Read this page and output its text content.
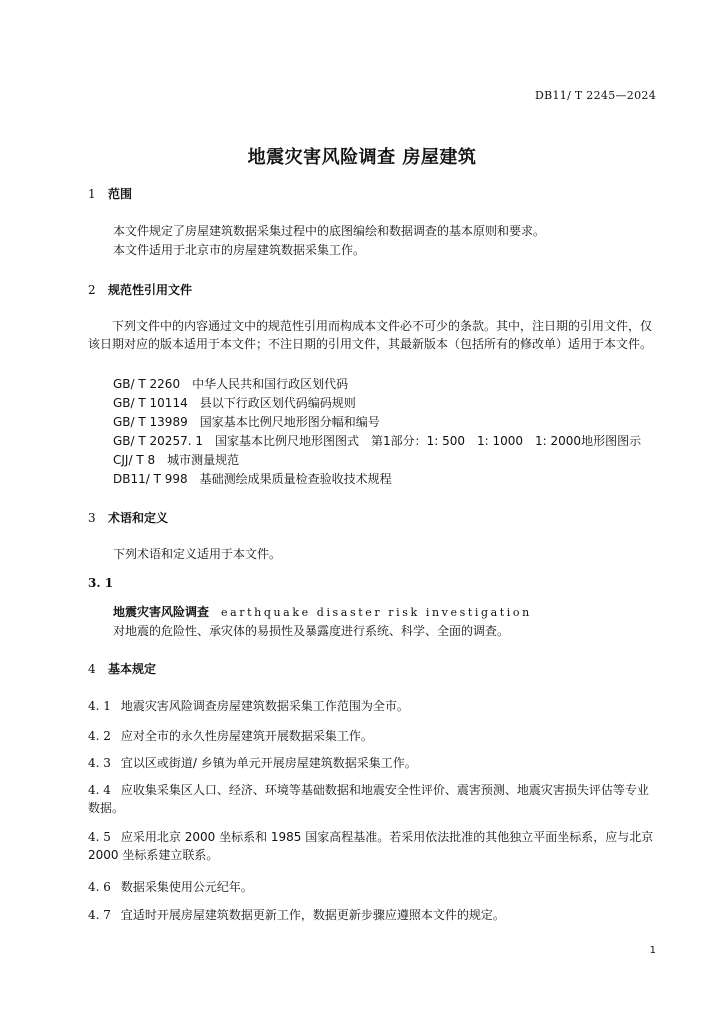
DB11/ T 2245—2024
地震灾害风险调查 房屋建筑
1 范围
本文件规定了房屋建筑数据采集过程中的底图编绘和数据调查的基本原则和要求。
本文件适用于北京市的房屋建筑数据采集工作。
2 规范性引用文件
下列文件中的内容通过文中的规范性引用而构成本文件必不可少的条款。其中，注日期的引用文件，仅该日期对应的版本适用于本文件；不注日期的引用文件，其最新版本（包括所有的修改单）适用于本文件。
GB/ T 2260　中华人民共和国行政区划代码
GB/ T 10114　县以下行政区划代码编码规则
GB/ T 13989　国家基本比例尺地形图分幅和编号
GB/ T 20257. 1　国家基本比例尺地形图图式　第1部分：1: 500　1: 1000　1: 2000地形图图示
CJJ/ T 8　城市测量规范
DB11/ T 998　基础测绘成果质量检查验收技术规程
3 术语和定义
下列术语和定义适用于本文件。
3. 1
地震灾害风险调查 earthquake disaster risk investigation
对地震的危险性、承灾体的易损性及暴露度进行系统、科学、全面的调查。
4 基本规定
4. 1 地震灾害风险调查房屋建筑数据采集工作范围为全市。
4. 2 应对全市的永久性房屋建筑开展数据采集工作。
4. 3 宜以区或街道/ 乡镇为单元开展房屋建筑数据采集工作。
4. 4 应收集采集区人口、经济、环境等基础数据和地震安全性评价、震害预测、地震灾害损失评估等专业数据。
4. 5 应采用北京 2000 坐标系和 1985 国家高程基准。若采用依法批准的其他独立平面坐标系，应与北京 2000 坐标系建立联系。
4. 6 数据采集使用公元纪年。
4. 7 宜适时开展房屋建筑数据更新工作，数据更新步骤应遵照本文件的规定。
1
